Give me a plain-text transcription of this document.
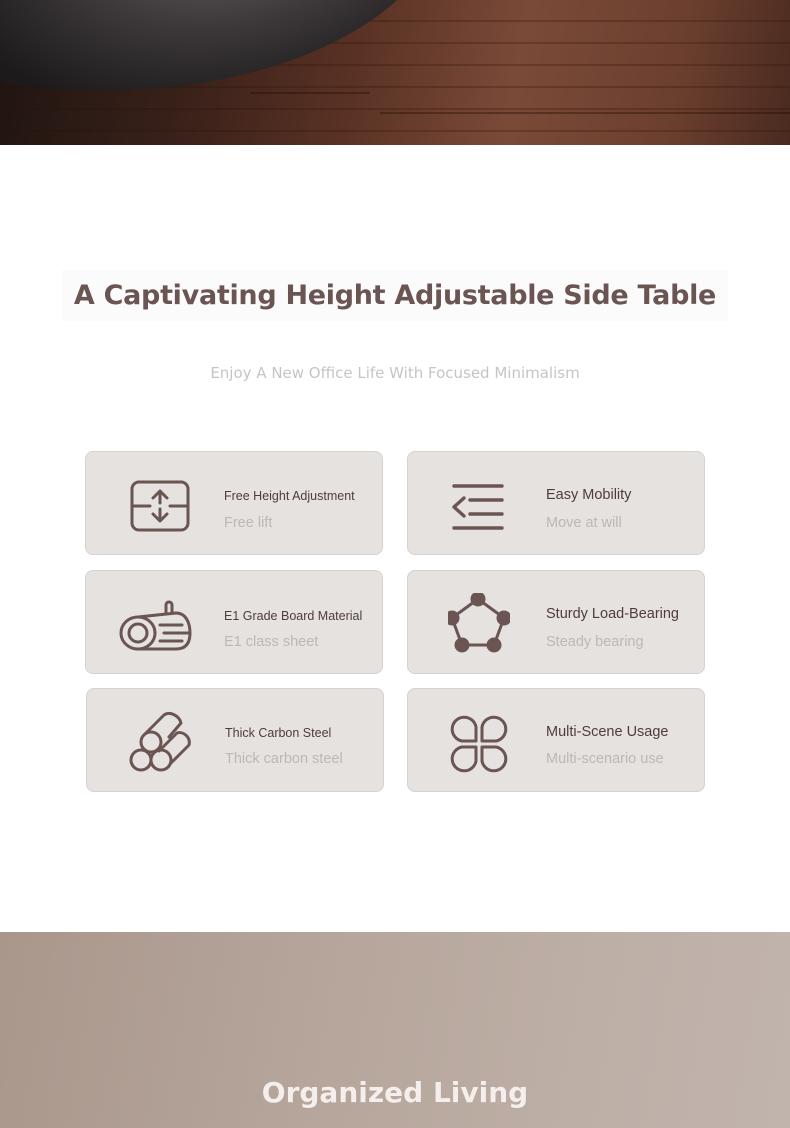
A Captivating Height Adjustable Side Table
Enjoy A New Office Life With Focused Minimalism
Free Height Adjustment
Free lift
Easy Mobility
Move at will
E1 Grade Board Material
E1 class sheet
Sturdy Load-Bearing
Steady bearing
Thick Carbon Steel
Thick carbon steel
Multi-Scene Usage
Multi-scenario use
Organized Living
